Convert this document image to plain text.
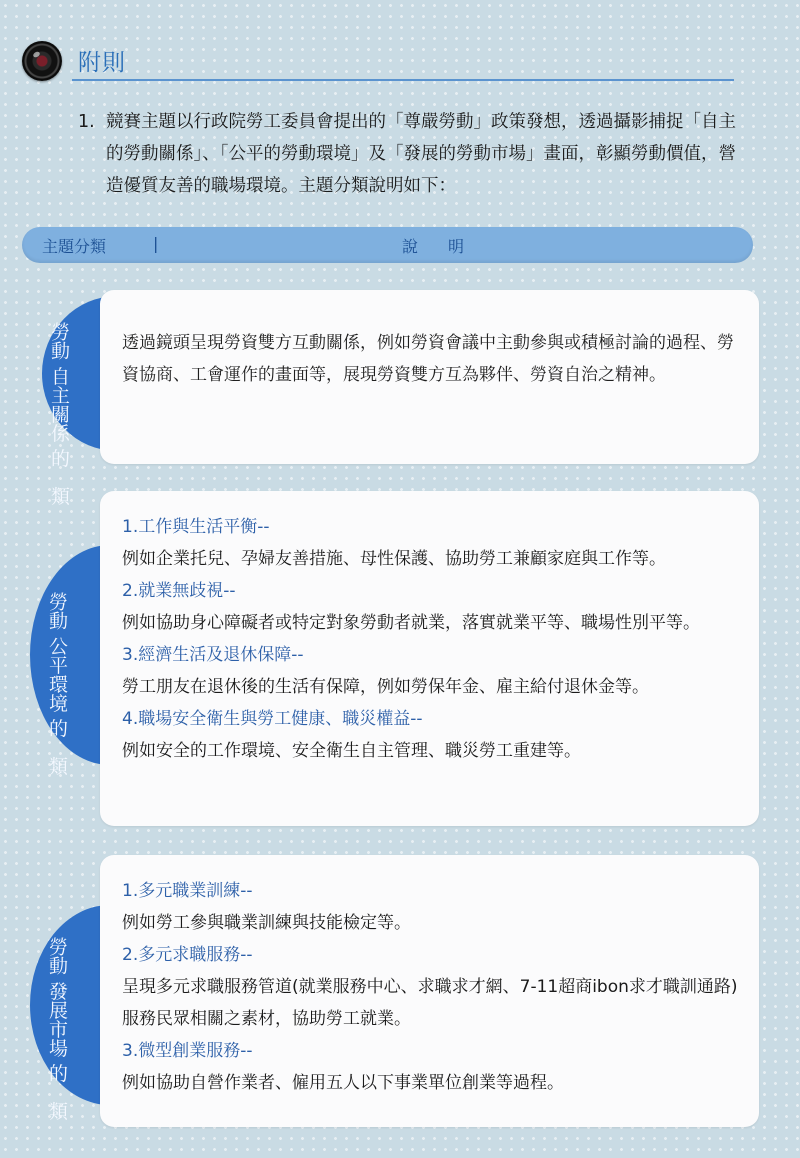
附則
1. 競賽主題以行政院勞工委員會提出的「尊嚴勞動」政策發想，透過攝影捕捉「自主的勞動關係」、「公平的勞動環境」及「發展的勞動市場」畫面，彰顯勞動價值，營造優質友善的職場環境。主題分類說明如下：
主題分類	|	說明
透過鏡頭呈現勞資雙方互動關係，例如勞資會議中主動參與或積極討論的過程、勞資協商、工會運作的畫面等，展現勞資雙方互為夥伴、勞資自治之精神。
勞動 自主關係 的　類
1.工作與生活平衡--
例如企業托兒、孕婦友善措施、母性保護、協助勞工兼顧家庭與工作等。
2.就業無歧視--
例如協助身心障礙者或特定對象勞動者就業，落實就業平等、職場性別平等。
3.經濟生活及退休保障--
勞工朋友在退休後的生活有保障，例如勞保年金、雇主給付退休金等。
4.職場安全衛生與勞工健康、職災權益--
例如安全的工作環境、安全衛生自主管理、職災勞工重建等。
勞動 公平環境 的　類
1.多元職業訓練--
例如勞工參與職業訓練與技能檢定等。
2.多元求職服務--
呈現多元求職服務管道(就業服務中心、求職求才網、7-11超商ibon求才職訓通路)服務民眾相關之素材，協助勞工就業。
3.微型創業服務--
例如協助自營作業者、僱用五人以下事業單位創業等過程。
勞動 發展市場 的　類
